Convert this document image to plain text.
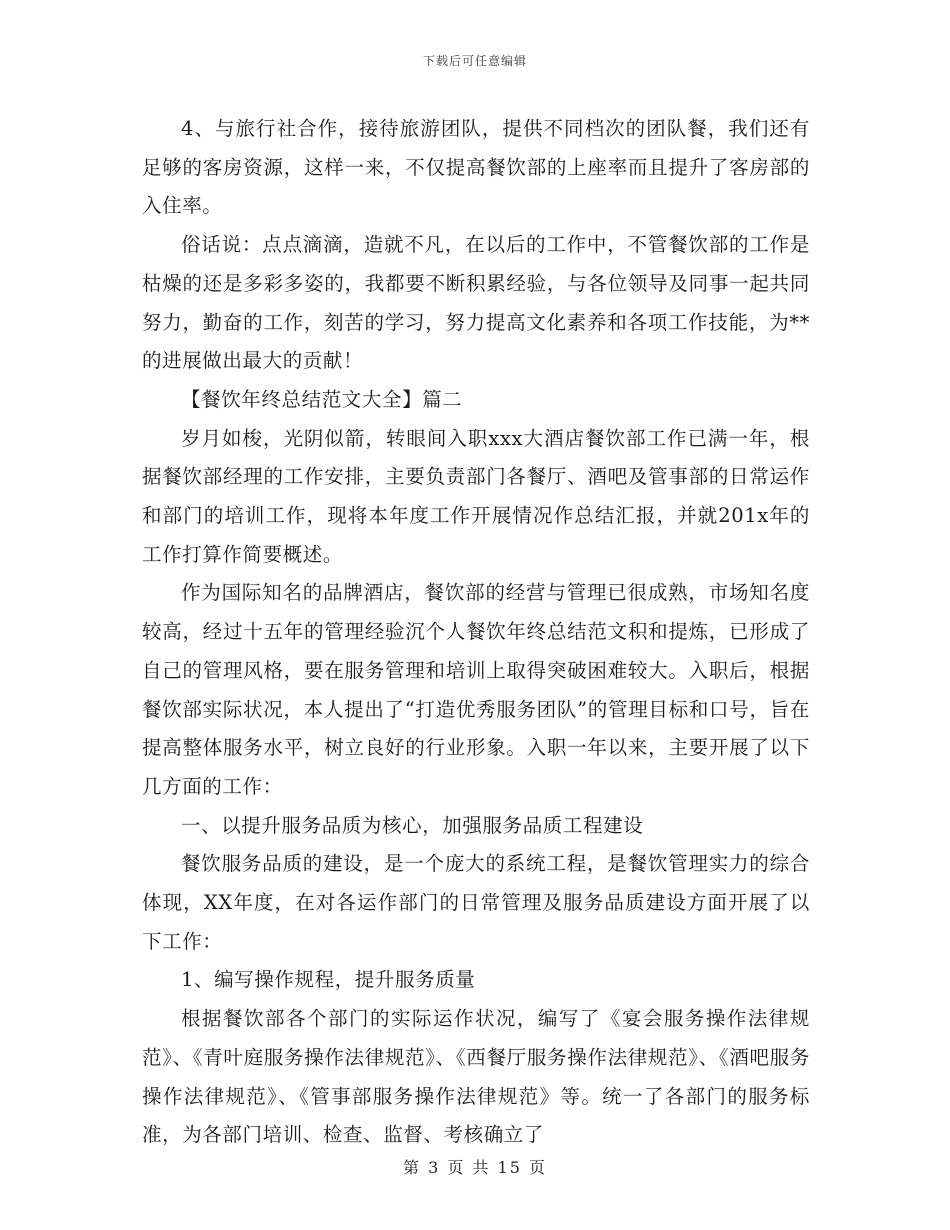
下载后可任意编辑

4、与旅行社合作，接待旅游团队，提供不同档次的团队餐，我们还有足够的客房资源，这样一来，不仅提高餐饮部的上座率而且提升了客房部的入住率。

俗话说：点点滴滴，造就不凡，在以后的工作中，不管餐饮部的工作是枯燥的还是多彩多姿的，我都要不断积累经验，与各位领导及同事一起共同努力，勤奋的工作，刻苦的学习，努力提高文化素养和各项工作技能，为**的进展做出最大的贡献！

【餐饮年终总结范文大全】篇二

岁月如梭，光阴似箭，转眼间入职xxx大酒店餐饮部工作已满一年，根据餐饮部经理的工作安排，主要负责部门各餐厅、酒吧及管事部的日常运作和部门的培训工作，现将本年度工作开展情况作总结汇报，并就201x年的工作打算作简要概述。

作为国际知名的品牌酒店，餐饮部的经营与管理已很成熟，市场知名度较高，经过十五年的管理经验沉个人餐饮年终总结范文积和提炼，已形成了自己的管理风格，要在服务管理和培训上取得突破困难较大。入职后，根据餐饮部实际状况，本人提出了“打造优秀服务团队”的管理目标和口号，旨在提高整体服务水平，树立良好的行业形象。入职一年以来，主要开展了以下几方面的工作：

一、以提升服务品质为核心，加强服务品质工程建设

餐饮服务品质的建设，是一个庞大的系统工程，是餐饮管理实力的综合体现，XX年度，在对各运作部门的日常管理及服务品质建设方面开展了以下工作：

1、编写操作规程，提升服务质量

根据餐饮部各个部门的实际运作状况，编写了《宴会服务操作法律规范》、《青叶庭服务操作法律规范》、《西餐厅服务操作法律规范》、《酒吧服务操作法律规范》、《管事部服务操作法律规范》等。统一了各部门的服务标准，为各部门培训、检查、监督、考核确立了

第 3 页 共 15 页
